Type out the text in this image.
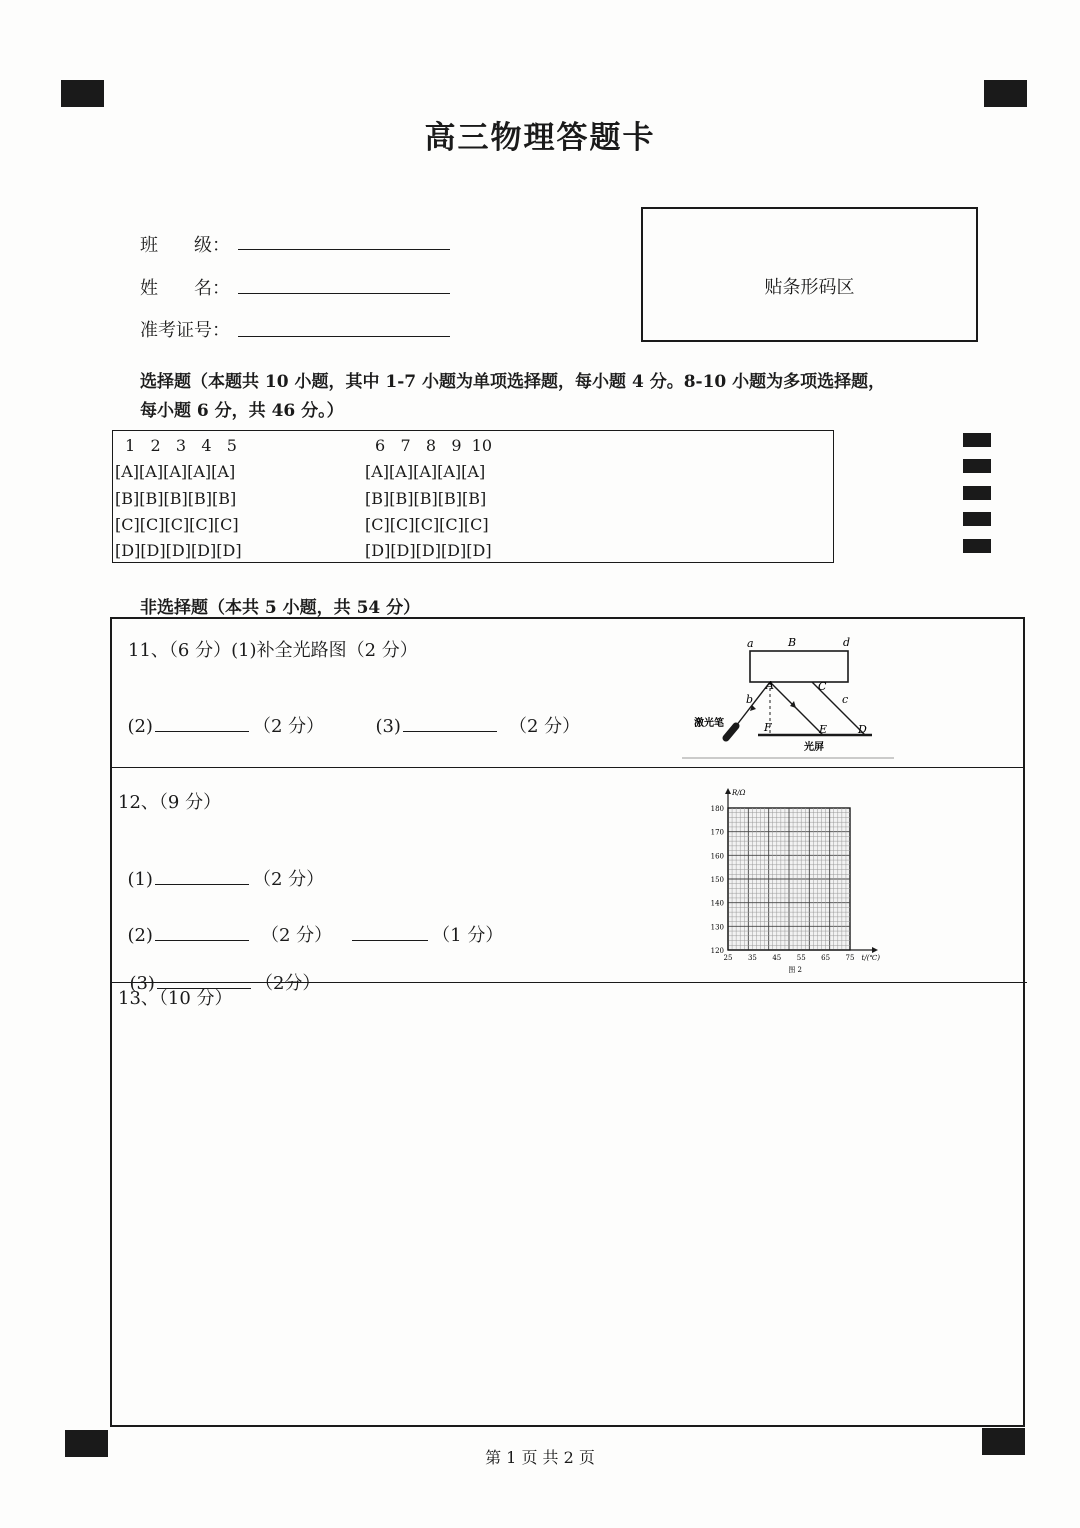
高三物理答题卡
班　　级：
姓　　名：
准考证号：
贴条形码区
选择题（本题共 10 小题，其中 1-7 小题为单项选择题，每小题 4 分。8-10 小题为多项选择题，
每小题 6 分，共 46 分。）
1   2   3   4   5	6   7   8   9  10
[A][A][A][A][A]	[A][A][A][A][A]
[B][B][B][B][B]	[B][B][B][B][B]
[C][C][C][C][C]	[C][C][C][C][C]
[D][D][D][D][D]	[D][D][D][D][D]
非选择题（本共 5 小题，共 54 分）
11、（6 分）(1)补全光路图（2 分）

(2)	（2 分）	(3)	（2 分）

a	B	d
b
A	C
c
F	E	D
激光笔
光屏
12、（9 分）

(1)	（2 分）

(2)	（2 分）	（1 分）

(3)	（2分）

180
170
160
150
140
130
120
25 35 45 55 65 75
R/Ω
t/(℃)
图 2
13、（10 分）
第 1 页 共 2 页
